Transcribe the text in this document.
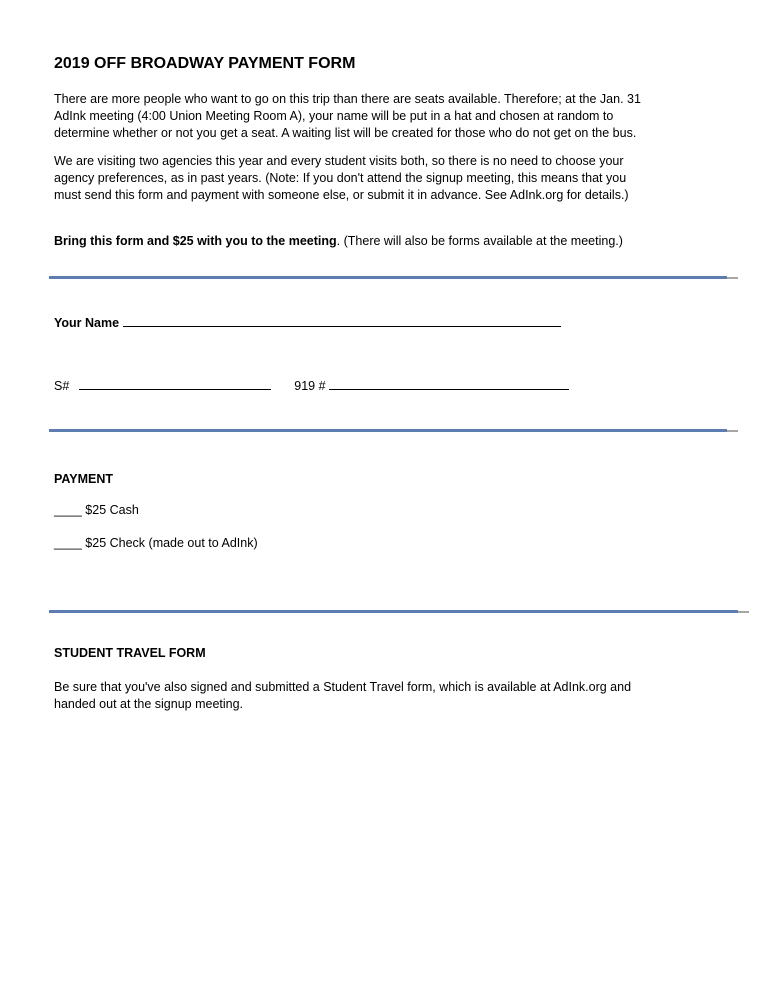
2019 OFF BROADWAY PAYMENT FORM

There are more people who want to go on this trip than there are seats available. Therefore; at the Jan. 31

AdInk meeting (4:00 Union Meeting Room A), your name will be put in a hat and chosen at random to

determine whether or not you get a seat. A waiting list will be created for those who do not get on the bus.

We are visiting two agencies this year and every student visits both, so there is no need to choose your

agency preferences, as in past years. (Note: If you don't attend the signup meeting, this means that you

must send this form and payment with someone else, or submit it in advance. See AdInk.org for details.)

Bring this form and $25 with you to the meeting. (There will also be forms available at the meeting.)

Your Name
S#	919 #
PAYMENT
____ $25 Cash
____ $25 Check (made out to AdInk)
STUDENT TRAVEL FORM

Be sure that you've also signed and submitted a Student Travel form, which is available at AdInk.org and

handed out at the signup meeting.
